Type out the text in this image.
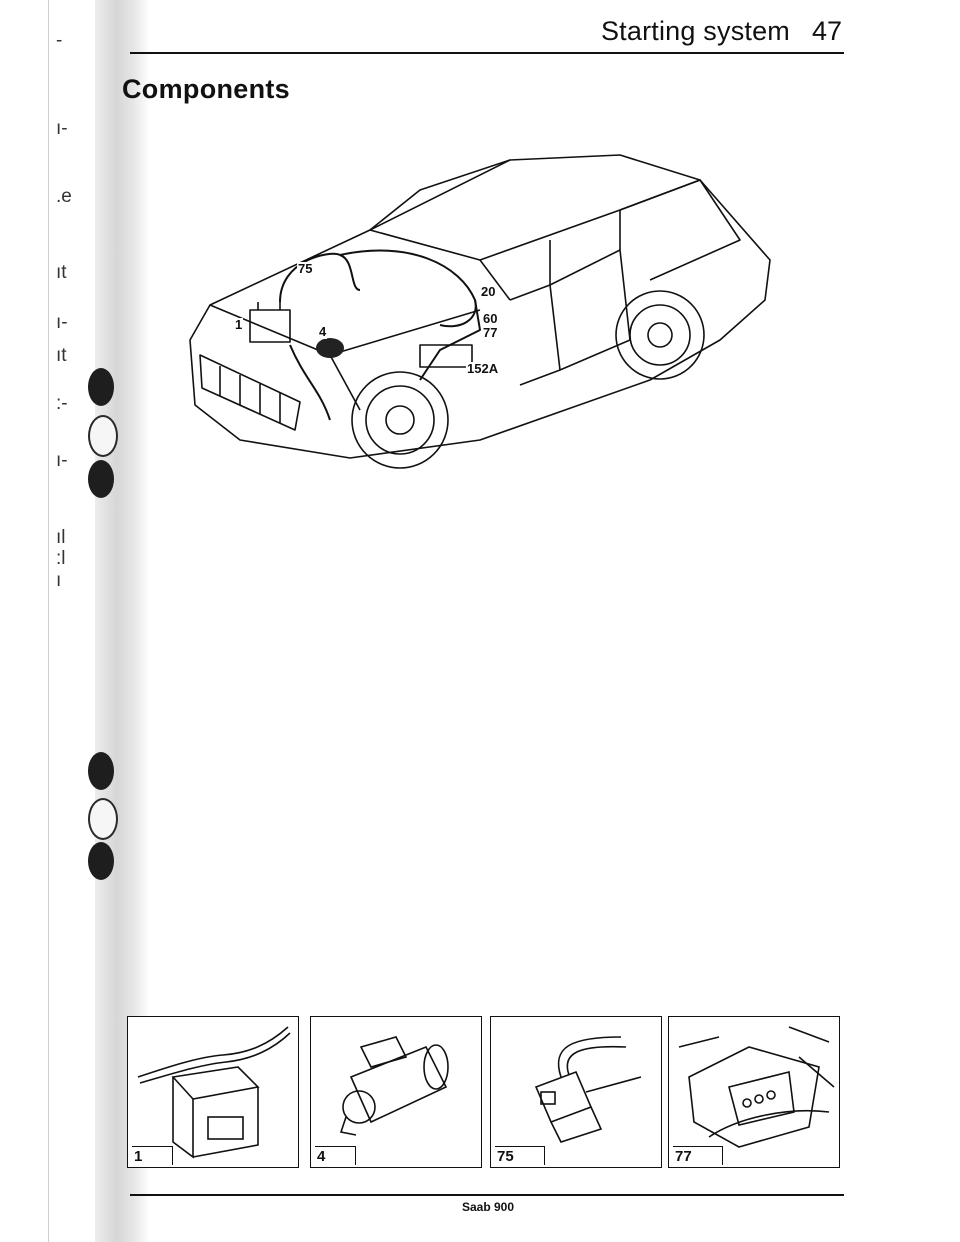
-
ı-
.e
ıt
ı-
ıt
:-
ı-
ıl
:l
ı
Starting system 47
Components
75
20
60
77
1	4
152A
1	4	75	77
Saab 900
